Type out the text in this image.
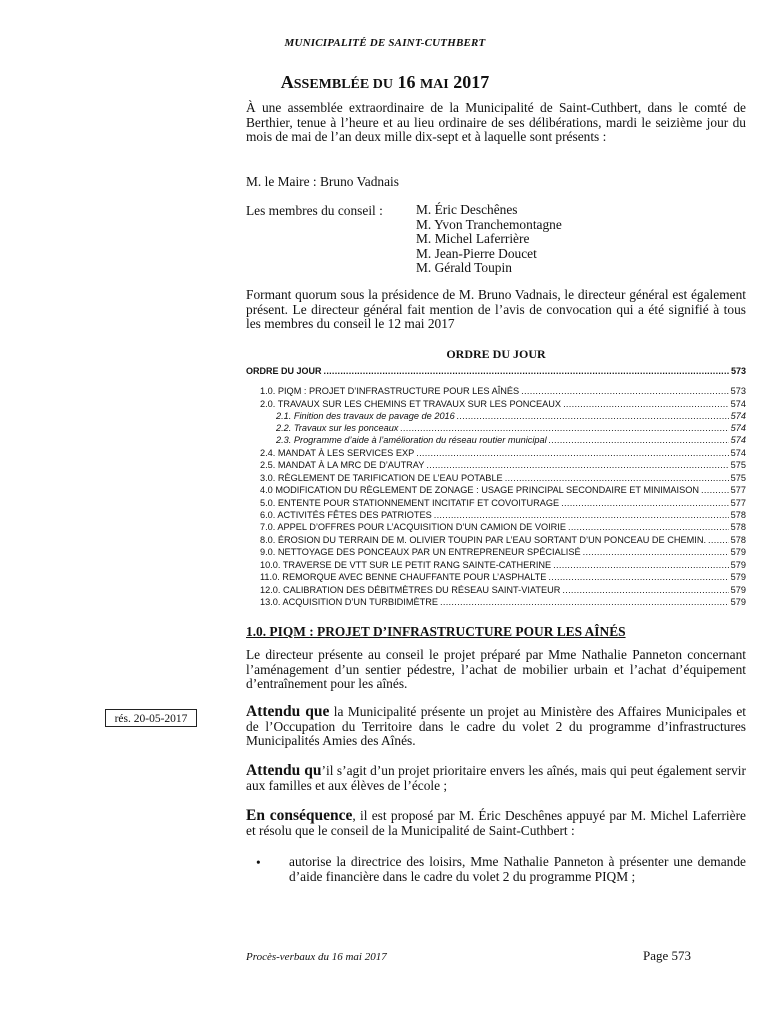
MUNICIPALITÉ DE SAINT-CUTHBERT
ASSEMBLÉE DU 16 MAI 2017
À une assemblée extraordinaire de la Municipalité de Saint-Cuthbert, dans le comté de Berthier, tenue à l’heure et au lieu ordinaire de ses délibérations, mardi le seizième jour du mois de mai de l’an deux mille dix-sept et à laquelle sont présents :
M. le Maire : Bruno Vadnais
Les membres du conseil : M. Éric Deschênes
M. Yvon Tranchemontagne
M. Michel Laferrière
M. Jean-Pierre Doucet
M. Gérald Toupin
Formant quorum sous la présidence de M. Bruno Vadnais, le directeur général est également présent. Le directeur général fait mention de l’avis de convocation qui a été signifié à tous les membres du conseil le 12 mai 2017
ORDRE DU JOUR
ORDRE DU JOUR .....	573
1.0. PIQM : PROJET D’INFRASTRUCTURE POUR LES AÎNÉS .....	573
2.0. TRAVAUX SUR LES CHEMINS ET TRAVAUX SUR LES PONCEAUX .....	574
2.1. Finition des travaux de pavage de 2016 .....	574
2.2. Travaux sur les ponceaux .....	574
2.3. Programme d’aide à l’amélioration du réseau routier municipal .....	574
2.4. MANDAT À LES SERVICES EXP .....	574
2.5. MANDAT À LA MRC DE D’AUTRAY .....	575
3.0. RÈGLEMENT DE TARIFICATION DE L’EAU POTABLE .....	575
4.0 MODIFICATION DU RÈGLEMENT DE ZONAGE : USAGE PRINCIPAL SECONDAIRE ET MINIMAISON .....	577
5.0. ENTENTE POUR STATIONNEMENT INCITATIF ET COVOITURAGE .....	577
6.0. ACTIVITÉS FÊTES DES PATRIOTES .....	578
7.0. APPEL D’OFFRES POUR L’ACQUISITION D’UN CAMION DE VOIRIE .....	578
8.0. ÉROSION DU TERRAIN DE M. OLIVIER TOUPIN PAR L’EAU SORTANT D’UN PONCEAU DE CHEMIN. .....	578
9.0. NETTOYAGE DES PONCEAUX PAR UN ENTREPRENEUR SPÉCIALISÉ .....	579
10.0. TRAVERSE DE VTT SUR LE PETIT RANG SAINTE-CATHERINE .....	579
11.0. REMORQUE AVEC BENNE CHAUFFANTE POUR L’ASPHALTE .....	579
12.0. CALIBRATION DES DÉBITMÈTRES DU RÉSEAU SAINT-VIATEUR .....	579
13.0. ACQUISITION D’UN TURBIDIMÈTRE .....	579
1.0. PIQM : PROJET D’INFRASTRUCTURE POUR LES AÎNÉS
Le directeur présente au conseil le projet préparé par Mme Nathalie Panneton concernant l’aménagement d’un sentier pédestre, l’achat de mobilier urbain et l’achat d’équipement d’entraînement pour les aînés.
rés. 20-05-2017	Attendu que la Municipalité présente un projet au Ministère des Affaires Municipales et de l’Occupation du Territoire dans le cadre du volet 2 du programme d’infrastructures Municipalités Amies des Aînés.
Attendu qu’il s’agit d’un projet prioritaire envers les aînés, mais qui peut également servir aux familles et aux élèves de l’école ;
En conséquence, il est proposé par M. Éric Deschênes appuyé par M. Michel Laferrière et résolu que le conseil de la Municipalité de Saint-Cuthbert :
• autorise la directrice des loisirs, Mme Nathalie Panneton à présenter une demande d’aide financière dans le cadre du volet 2 du programme PIQM ;
Procès-verbaux du 16 mai 2017	Page 573
